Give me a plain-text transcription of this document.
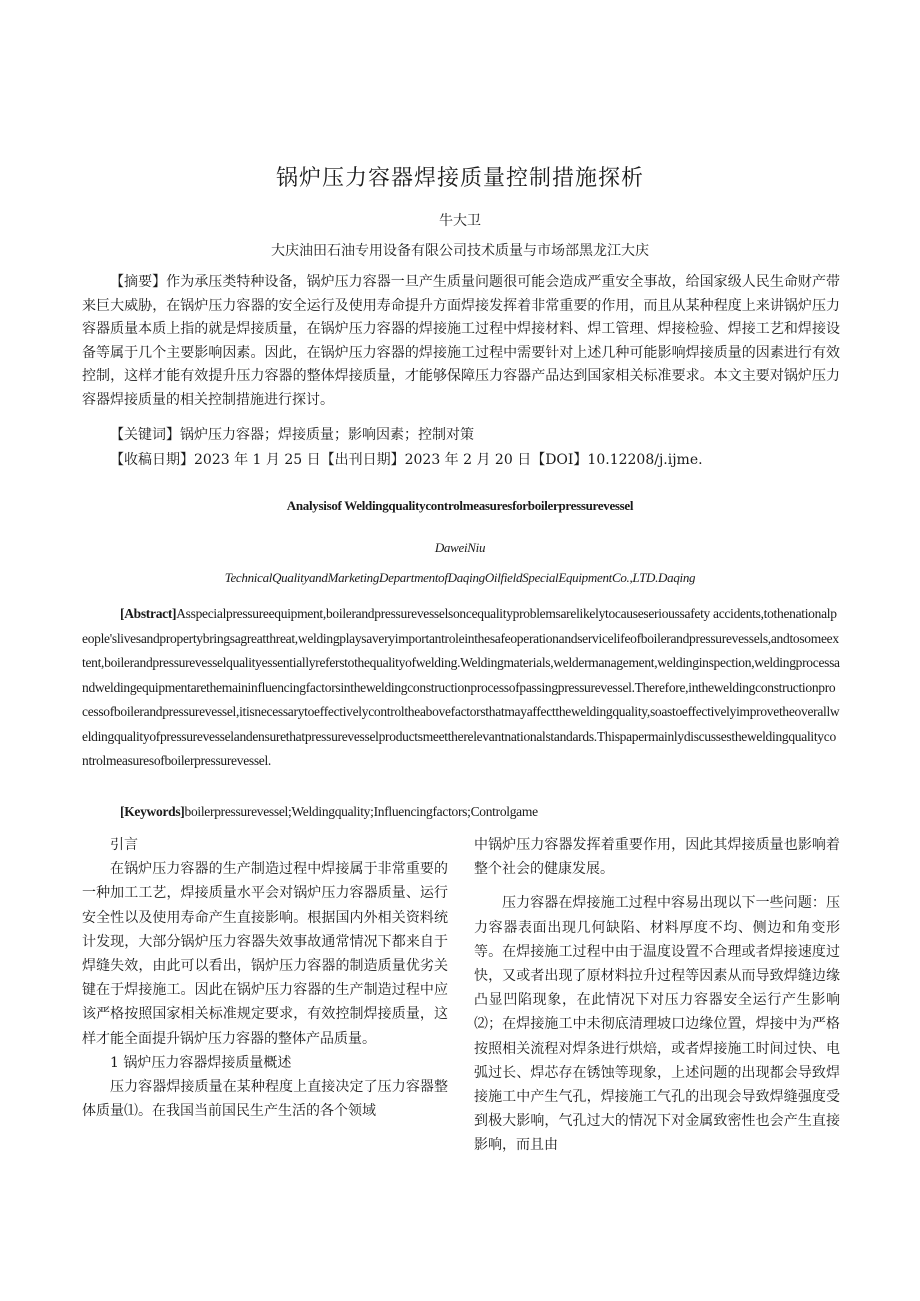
锅炉压力容器焊接质量控制措施探析
牛大卫
大庆油田石油专用设备有限公司技术质量与市场部黑龙江大庆
【摘要】作为承压类特种设备，锅炉压力容器一旦产生质量问题很可能会造成严重安全事故，给国家级人民生命财产带来巨大威胁，在锅炉压力容器的安全运行及使用寿命提升方面焊接发挥着非常重要的作用，而且从某种程度上来讲锅炉压力容器质量本质上指的就是焊接质量，在锅炉压力容器的焊接施工过程中焊接材料、焊工管理、焊接检验、焊接工艺和焊接设备等属于几个主要影响因素。因此，在锅炉压力容器的焊接施工过程中需要针对上述几种可能影响焊接质量的因素进行有效控制，这样才能有效提升压力容器的整体焊接质量，才能够保障压力容器产品达到国家相关标准要求。本文主要对锅炉压力容器焊接质量的相关控制措施进行探讨。
【关键词】锅炉压力容器；焊接质量；影响因素；控制对策
【收稿日期】2023 年 1 月 25 日【出刊日期】2023 年 2 月 20 日【DOI】10.12208/j.ijme.
Analysisof Weldingqualitycontrolmeasuresforboilerpressurevessel
DaweiNiu
TechnicalQualityandMarketingDepartmentofDaqingOilfieldSpecialEquipmentCo.,LTD.Daqing
[Abstract]Asspecialpressureequipment,boilerandpressurevesselsoncequalityproblemsarelikelytocauseserioussafety accidents,tothenationalpeople'slivesandpropertybringsagreatthreat,weldingplaysaveryimportantroleinthesafeoperationandservicelifeofboilerandpressurevessels,andtosomeextent,boilerandpressurevesselqualityessentiallyreferstothequalityofwelding.Weldingmaterials,weldermanagement,weldinginspection,weldingprocessandweldingequipmentarethemaininfluencingfactorsintheweldingconstructionprocessofpassingpressurevessel.Therefore,intheweldingconstructionprocessofboilerandpressurevessel,itisnecessarytoeffectivelycontroltheabovefactorsthatmayaffecttheweldingquality,soastoeffectivelyimprovetheoverallweldingqualityofpressurevesselandensurethatpressurevesselproductsmeettherelevantnationalstandards.Thispapermainlydiscussestheweldingqualitycontrolmeasuresofboilerpressurevessel.
[Keywords]boilerpressurevessel;Weldingquality;Influencingfactors;Controlgame

引言

在锅炉压力容器的生产制造过程中焊接属于非常重要的一种加工工艺，焊接质量水平会对锅炉压力容器质量、运行安全性以及使用寿命产生直接影响。根据国内外相关资料统计发现，大部分锅炉压力容器失效事故通常情况下都来自于焊缝失效，由此可以看出，锅炉压力容器的制造质量优劣关键在于焊接施工。因此在锅炉压力容器的生产制造过程中应该严格按照国家相关标准规定要求，有效控制焊接质量，这样才能全面提升锅炉压力容器的整体产品质量。

1 锅炉压力容器焊接质量概述

压力容器焊接质量在某种程度上直接决定了压力容器整体质量⑴。在我国当前国民生产生活的各个领域

中锅炉压力容器发挥着重要作用，因此其焊接质量也影响着整个社会的健康发展。

压力容器在焊接施工过程中容易出现以下一些问题：压力容器表面出现几何缺陷、材料厚度不均、侧边和角变形等。在焊接施工过程中由于温度设置不合理或者焊接速度过快，又或者出现了原材料拉升过程等因素从而导致焊缝边缘凸显凹陷现象，在此情况下对压力容器安全运行产生影响⑵；在焊接施工中未彻底清理坡口边缘位置，焊接中为严格按照相关流程对焊条进行烘焙，或者焊接施工时间过快、电弧过长、焊芯存在锈蚀等现象，上述问题的出现都会导致焊接施工中产生气孔，焊接施工气孔的出现会导致焊缝强度受到极大影响，气孔过大的情况下对金属致密性也会产生直接影响，而且由
